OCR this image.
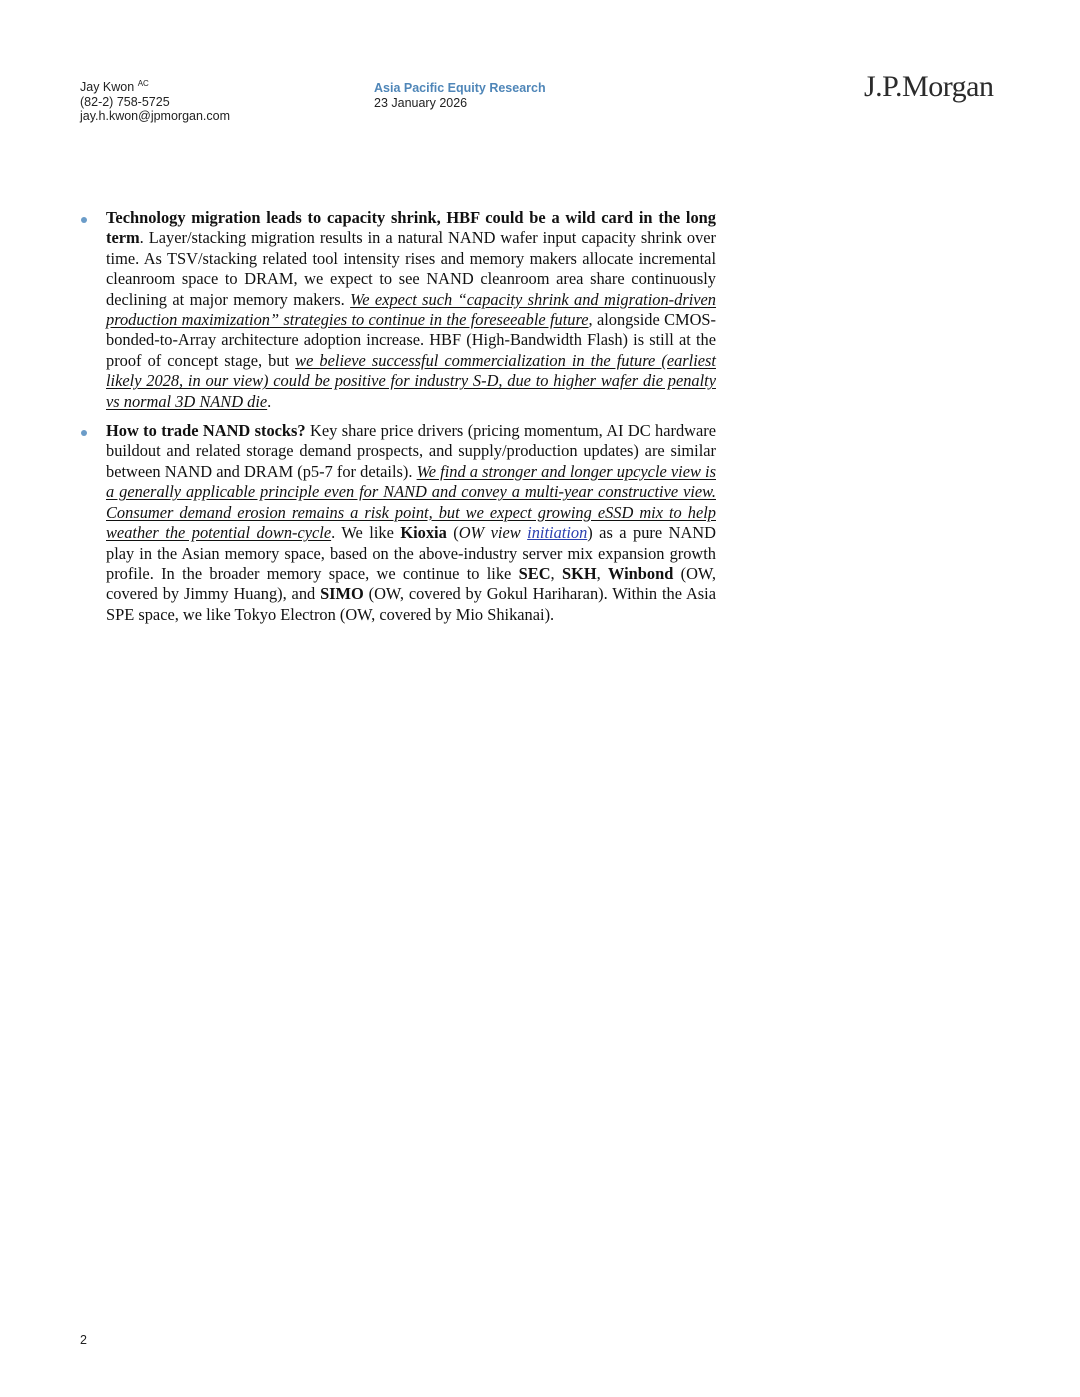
Jay Kwon $^{AC}$
(82-2) 758-5725
jay.h.kwon@jpmorgan.com
Asia Pacific Equity Research
23 January 2026	J.P.Morgan
Technology migration leads to capacity shrink, HBF could be a wild card in the long term. Layer/stacking migration results in a natural NAND wafer input capacity shrink over time. As TSV/stacking related tool intensity rises and memory makers allocate incremental cleanroom space to DRAM, we expect to see NAND cleanroom area share continuously declining at major memory makers. We expect such “capacity shrink and migration-driven production maximization” strategies to continue in the foreseeable future, alongside CMOS-bonded-to-Array architecture adoption increase. HBF (High-Bandwidth Flash) is still at the proof of concept stage, but we believe successful commercialization in the future (earliest likely 2028, in our view) could be positive for industry S-D, due to higher wafer die penalty vs normal 3D NAND die.
How to trade NAND stocks? Key share price drivers (pricing momentum, AI DC hardware buildout and related storage demand prospects, and supply/production updates) are similar between NAND and DRAM (p5-7 for details). We find a stronger and longer upcycle view is a generally applicable principle even for NAND and convey a multi-year constructive view. Consumer demand erosion remains a risk point, but we expect growing eSSD mix to help weather the potential down-cycle. We like Kioxia (OW view initiation) as a pure NAND play in the Asian memory space, based on the above-industry server mix expansion growth profile. In the broader memory space, we continue to like SEC, SKH, Winbond (OW, covered by Jimmy Huang), and SIMO (OW, covered by Gokul Hariharan). Within the Asia SPE space, we like Tokyo Electron (OW, covered by Mio Shikanai).
2
